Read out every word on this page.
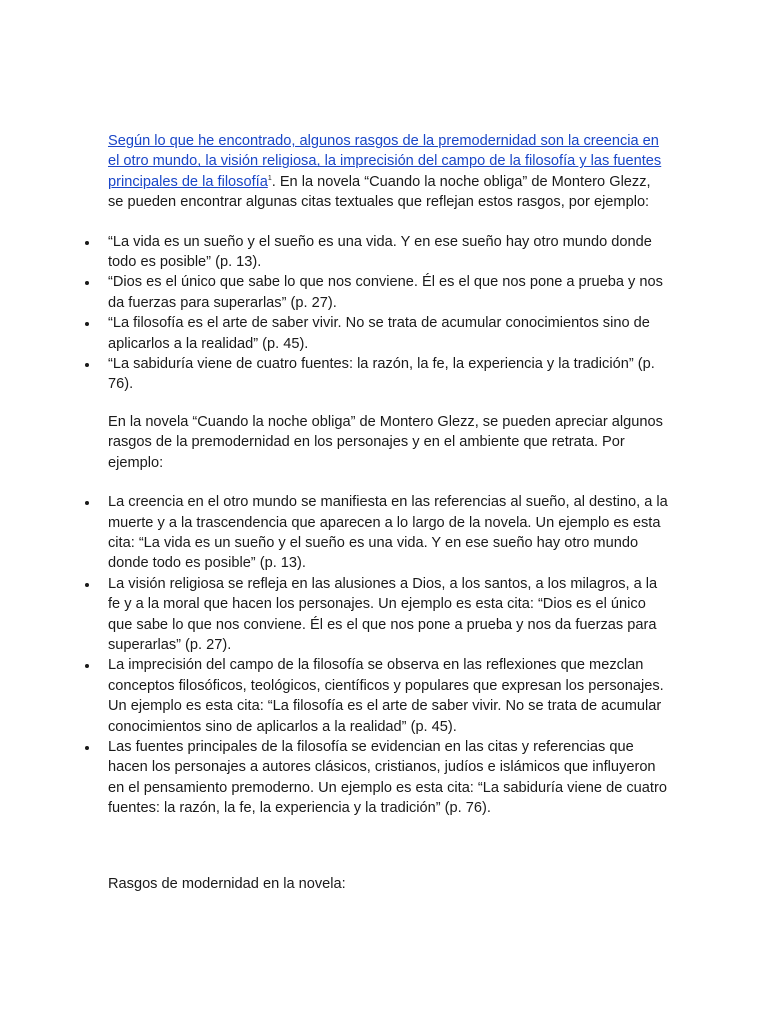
Según lo que he encontrado, algunos rasgos de la premodernidad son la creencia en el otro mundo, la visión religiosa, la imprecisión del campo de la filosofía y las fuentes principales de la filosofía$^1$. En la novela “Cuando la noche obliga” de Montero Glezz, se pueden encontrar algunas citas textuales que reflejan estos rasgos, por ejemplo:

“La vida es un sueño y el sueño es una vida. Y en ese sueño hay otro mundo donde todo es posible” (p. 13).
“Dios es el único que sabe lo que nos conviene. Él es el que nos pone a prueba y nos da fuerzas para superarlas” (p. 27).
“La filosofía es el arte de saber vivir. No se trata de acumular conocimientos sino de aplicarlos a la realidad” (p. 45).
“La sabiduría viene de cuatro fuentes: la razón, la fe, la experiencia y la tradición” (p. 76).

En la novela “Cuando la noche obliga” de Montero Glezz, se pueden apreciar algunos rasgos de la premodernidad en los personajes y en el ambiente que retrata. Por ejemplo:

La creencia en el otro mundo se manifiesta en las referencias al sueño, al destino, a la muerte y a la trascendencia que aparecen a lo largo de la novela. Un ejemplo es esta cita: “La vida es un sueño y el sueño es una vida. Y en ese sueño hay otro mundo donde todo es posible” (p. 13).
La visión religiosa se refleja en las alusiones a Dios, a los santos, a los milagros, a la fe y a la moral que hacen los personajes. Un ejemplo es esta cita: “Dios es el único que sabe lo que nos conviene. Él es el que nos pone a prueba y nos da fuerzas para superarlas” (p. 27).
La imprecisión del campo de la filosofía se observa en las reflexiones que mezclan conceptos filosóficos, teológicos, científicos y populares que expresan los personajes. Un ejemplo es esta cita: “La filosofía es el arte de saber vivir. No se trata de acumular conocimientos sino de aplicarlos a la realidad” (p. 45).
Las fuentes principales de la filosofía se evidencian en las citas y referencias que hacen los personajes a autores clásicos, cristianos, judíos e islámicos que influyeron en el pensamiento premoderno. Un ejemplo es esta cita: “La sabiduría viene de cuatro fuentes: la razón, la fe, la experiencia y la tradición” (p. 76).

Rasgos de modernidad en la novela:
